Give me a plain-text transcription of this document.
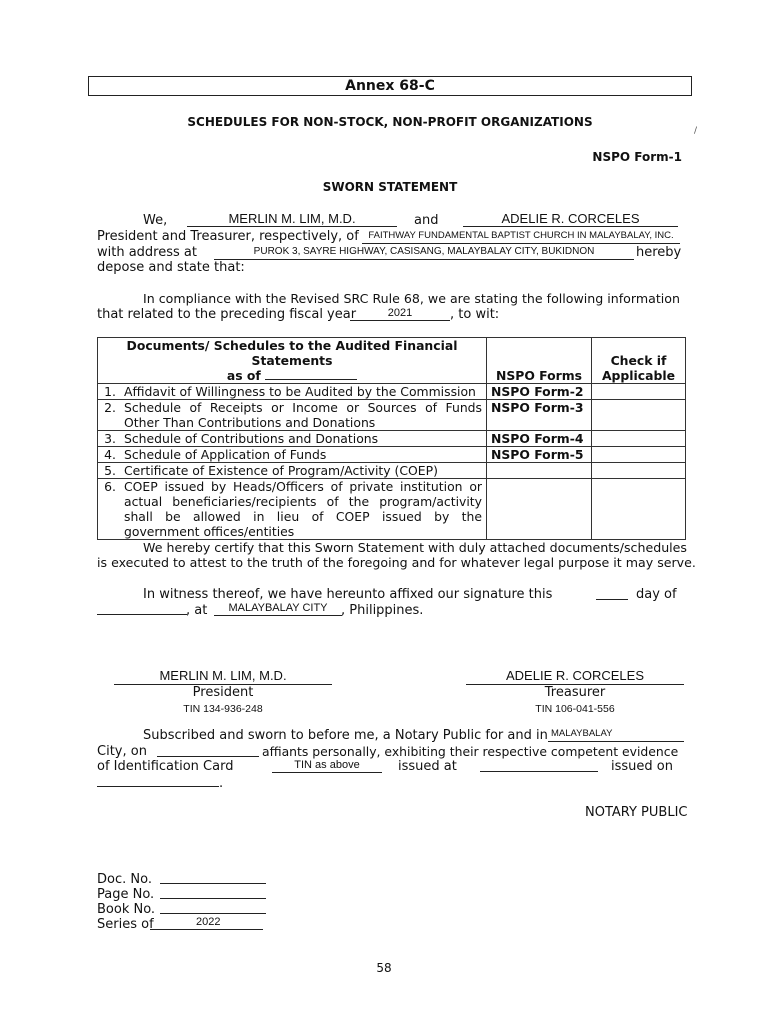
Annex 68-C
SCHEDULES FOR NON-STOCK, NON-PROFIT ORGANIZATIONS
/
NSPO Form-1
SWORN STATEMENT
We,	MERLIN M. LIM, M.D.	and	ADELIE R. CORCELES
President and Treasurer, respectively, of	FAITHWAY FUNDAMENTAL BAPTIST CHURCH IN MALAYBALAY, INC.
with address at	PUROK 3, SAYRE HIGHWAY, CASISANG, MALAYBALAY CITY, BUKIDNON	hereby
depose and state that:
In compliance with the Revised SRC Rule 68, we are stating the following information
that related to the preceding fiscal year	2021	, to wit:
Documents/ Schedules to the Audited Financial Statements
as of		NSPO Forms	Check if
Applicable
1.	Affidavit of Willingness to be Audited by the Commission	NSPO Form-2	
2.	Schedule of Receipts or Income or Sources of Funds Other Than Contributions and Donations	NSPO Form-3	
3.	Schedule of Contributions and Donations	NSPO Form-4	
4.	Schedule of Application of Funds	NSPO Form-5	
5.	Certificate of Existence of Program/Activity (COEP)		
6.	COEP issued by Heads/Officers of private institution or actual beneficiaries/recipients of the program/activity shall be allowed in lieu of COEP issued by the government offices/entities		
We hereby certify that this Sworn Statement with duly attached documents/schedules
is executed to attest to the truth of the foregoing and for whatever legal purpose it may serve.
In witness thereof, we have hereunto affixed our signature this	day of
, at	MALAYBALAY CITY	, Philippines.
MERLIN M. LIM, M.D.
President
TIN 134-936-248
ADELIE R. CORCELES
Treasurer
TIN 106-041-556
Subscribed and sworn to before me, a Notary Public for and in MALAYBALAY
City, on	affiants personally, exhibiting their respective competent evidence
of Identification Card	TIN as above	issued at	issued on
.
NOTARY PUBLIC
Doc. No.
Page No.
Book No.
Series of	2022
58
